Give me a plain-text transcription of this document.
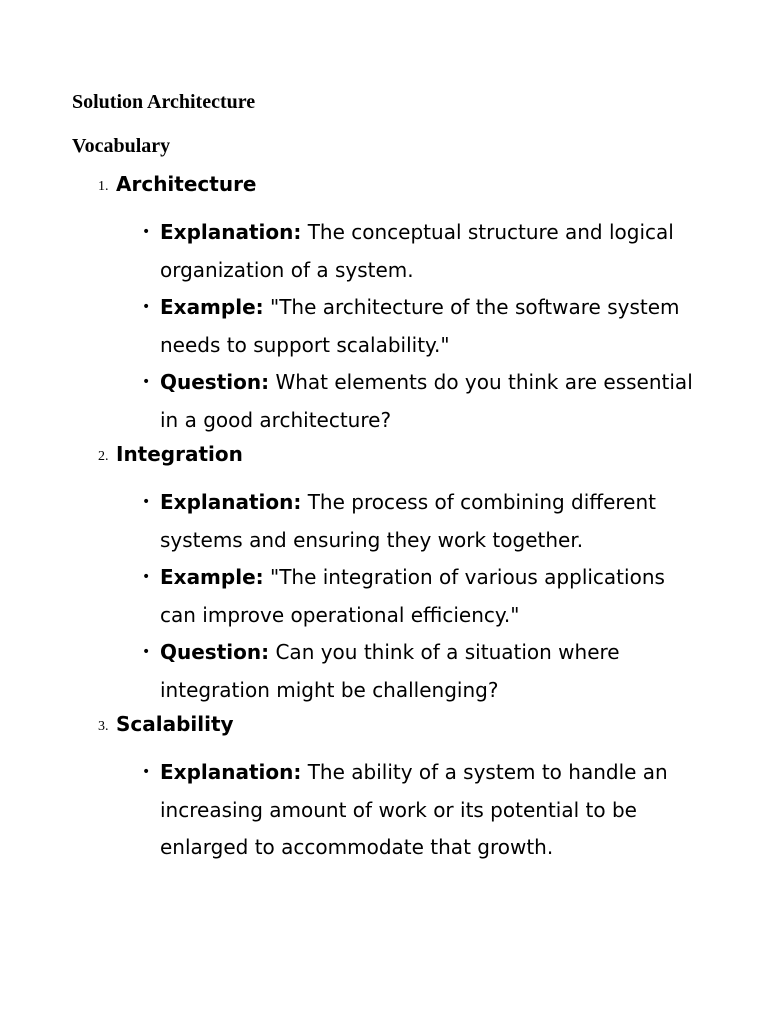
Solution Architecture
Vocabulary
1. Architecture
• Explanation: The conceptual structure and logical organization of a system.
• Example: "The architecture of the software system needs to support scalability."
• Question: What elements do you think are essential in a good architecture?
2. Integration
• Explanation: The process of combining different systems and ensuring they work together.
• Example: "The integration of various applications can improve operational efficiency."
• Question: Can you think of a situation where integration might be challenging?
3. Scalability
• Explanation: The ability of a system to handle an increasing amount of work or its potential to be enlarged to accommodate that growth.
